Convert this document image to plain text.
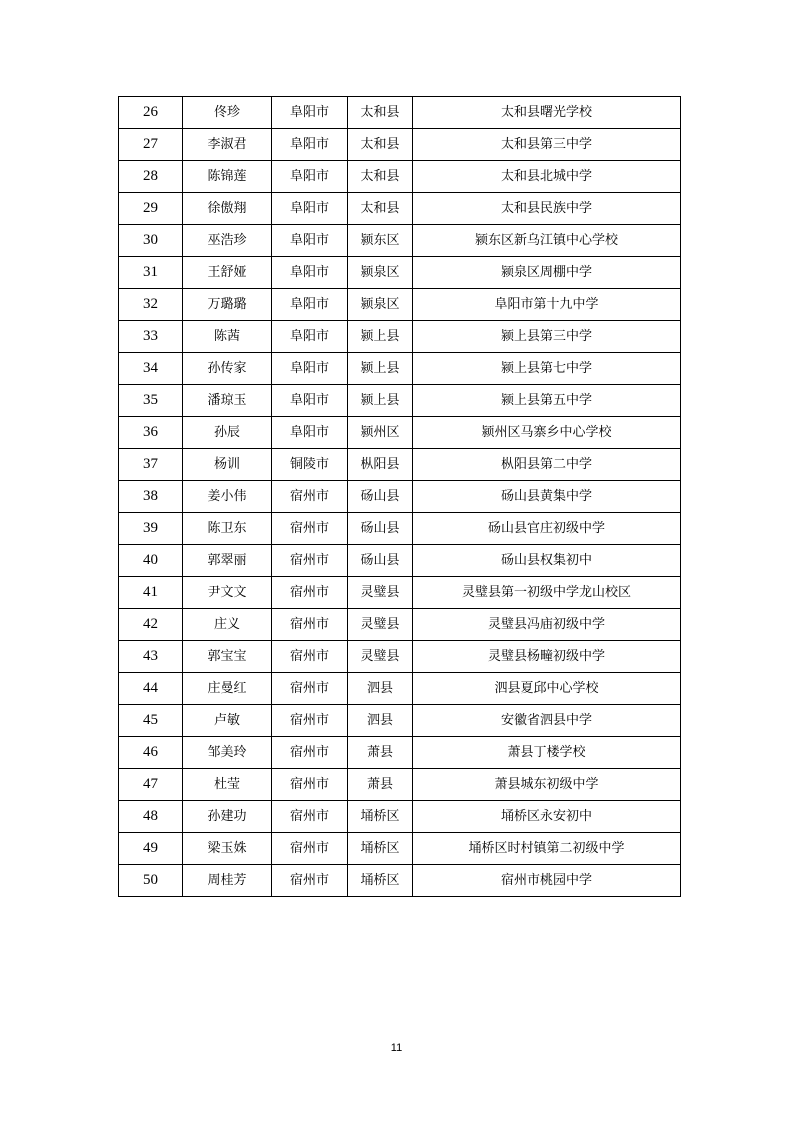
26	佟珍	阜阳市	太和县	太和县曙光学校
27	李淑君	阜阳市	太和县	太和县第三中学
28	陈锦莲	阜阳市	太和县	太和县北城中学
29	徐傲翔	阜阳市	太和县	太和县民族中学
30	巫浩珍	阜阳市	颍东区	颍东区新乌江镇中心学校
31	王舒娅	阜阳市	颍泉区	颍泉区周棚中学
32	万璐璐	阜阳市	颍泉区	阜阳市第十九中学
33	陈茜	阜阳市	颍上县	颍上县第三中学
34	孙传家	阜阳市	颍上县	颍上县第七中学
35	潘琼玉	阜阳市	颍上县	颍上县第五中学
36	孙辰	阜阳市	颍州区	颍州区马寨乡中心学校
37	杨训	铜陵市	枞阳县	枞阳县第二中学
38	姜小伟	宿州市	砀山县	砀山县黄集中学
39	陈卫东	宿州市	砀山县	砀山县官庄初级中学
40	郭翠丽	宿州市	砀山县	砀山县权集初中
41	尹文文	宿州市	灵璧县	灵璧县第一初级中学龙山校区
42	庄义	宿州市	灵璧县	灵璧县冯庙初级中学
43	郭宝宝	宿州市	灵璧县	灵璧县杨疃初级中学
44	庄曼红	宿州市	泗县	泗县夏邱中心学校
45	卢敏	宿州市	泗县	安徽省泗县中学
46	邹美玲	宿州市	萧县	萧县丁楼学校
47	杜莹	宿州市	萧县	萧县城东初级中学
48	孙建功	宿州市	埇桥区	埇桥区永安初中
49	梁玉姝	宿州市	埇桥区	埇桥区时村镇第二初级中学
50	周桂芳	宿州市	埇桥区	宿州市桃园中学
11
